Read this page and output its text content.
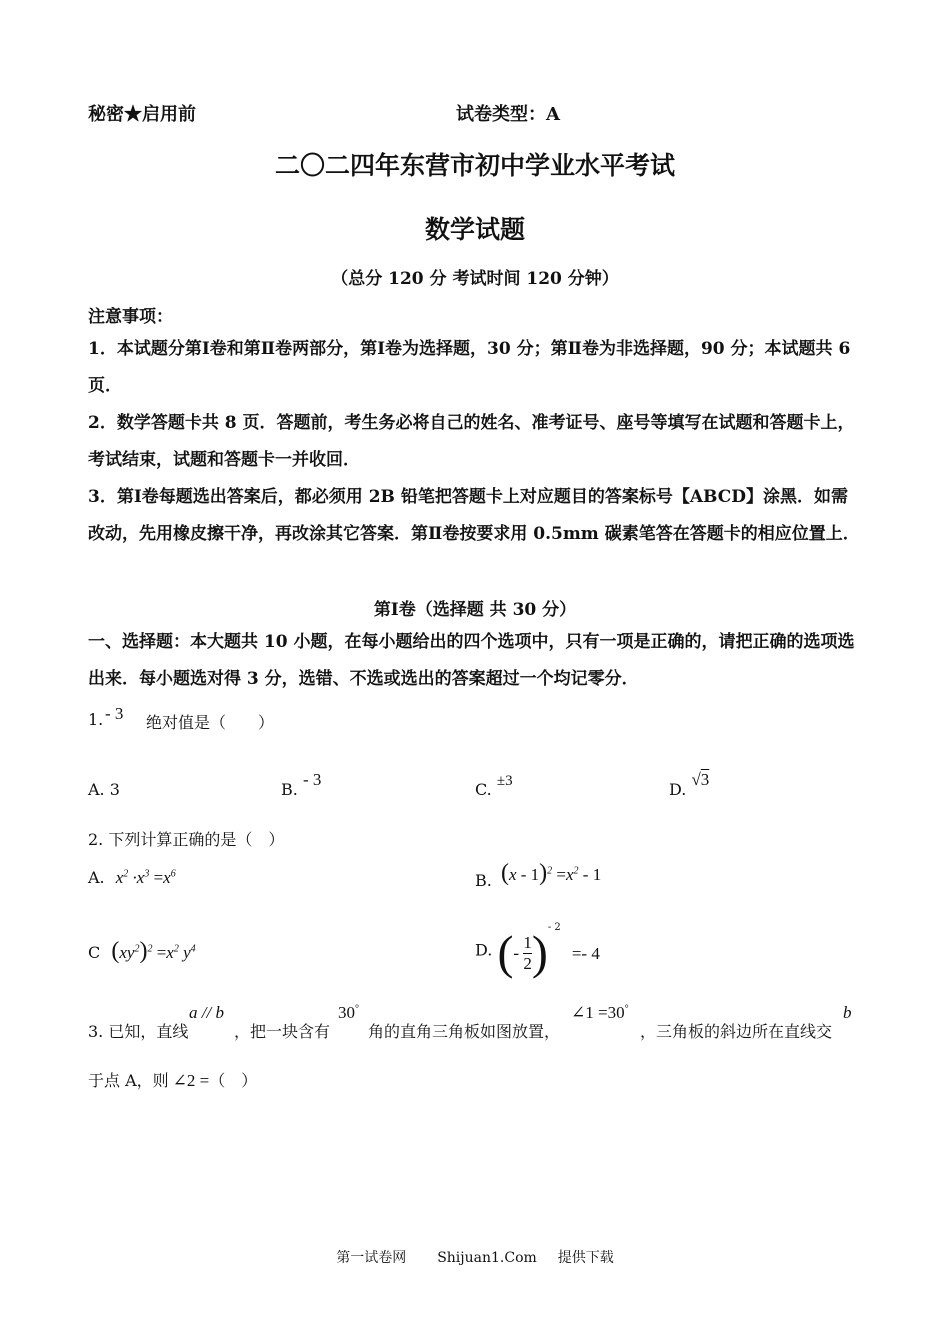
秘密★启用前	试卷类型：A
二〇二四年东营市初中学业水平考试
数学试题
（总分 120 分 考试时间 120 分钟）
注意事项：
1．本试题分第Ⅰ卷和第Ⅱ卷两部分，第Ⅰ卷为选择题，30 分；第Ⅱ卷为非选择题，90 分；本试题共 6 页．
2．数学答题卡共 8 页．答题前，考生务必将自己的姓名、准考证号、座号等填写在试题和答题卡上，考试结束，试题和答题卡一并收回．
3．第Ⅰ卷每题选出答案后，都必须用 2B 铅笔把答题卡上对应题目的答案标号【ABCD】涂黑．如需改动，先用橡皮擦干净，再改涂其它答案．第Ⅱ卷按要求用 0.5mm 碳素笔答在答题卡的相应位置上．
第Ⅰ卷（选择题 共 30 分）
一、选择题：本大题共 10 小题，在每小题给出的四个选项中，只有一项是正确的，请把正确的选项选出来．每小题选对得 3 分，选错、不选或选出的答案超过一个均记零分．
1. - 3 绝对值是（　　）
A. 3	B. - 3
C. ±3	D. √3
2. 下列计算正确的是（　）
A. $x^2 \cdot x^3 =x^6$	B. $(x - 1)^2 =x^2 - 1$
C $(xy^2)^2 =x^2$ $y^4$	D. (- $\frac{1}{2} )^{- 2} =- 4$
3. 已知，直线
a // b
，把一块含有
30°
角的直角三角板如图放置，
∠1 =30°
，三角板的斜边所在直线交
b
于点 A，则 ∠2 =（　）
第一试卷网 Shijuan1.Com 提供下载
